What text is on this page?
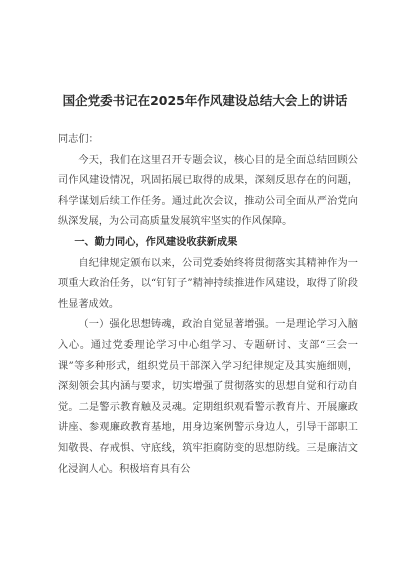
国企党委书记在2025年作风建设总结大会上的讲话

同志们：

今天，我们在这里召开专题会议，核心目的是全面总结回顾公司作风建设情况，巩固拓展已取得的成果，深刻反思存在的问题，科学谋划后续工作任务。通过此次会议，推动公司全面从严治党向纵深发展，为公司高质量发展筑牢坚实的作风保障。

一、勤力同心，作风建设收获新成果

自纪律规定颁布以来，公司党委始终将贯彻落实其精神作为一项重大政治任务，以“钉钉子”精神持续推进作风建设，取得了阶段性显著成效。

（一）强化思想铸魂，政治自觉显著增强。一是理论学习入脑入心。通过党委理论学习中心组学习、专题研讨、支部“三会一课”等多种形式，组织党员干部深入学习纪律规定及其实施细则，深刻领会其内涵与要求，切实增强了贯彻落实的思想自觉和行动自觉。二是警示教育触及灵魂。定期组织观看警示教育片、开展廉政讲座、参观廉政教育基地，用身边案例警示身边人，引导干部职工知敬畏、存戒惧、守底线，筑牢拒腐防变的思想防线。三是廉洁文化浸润人心。积极培育具有公
